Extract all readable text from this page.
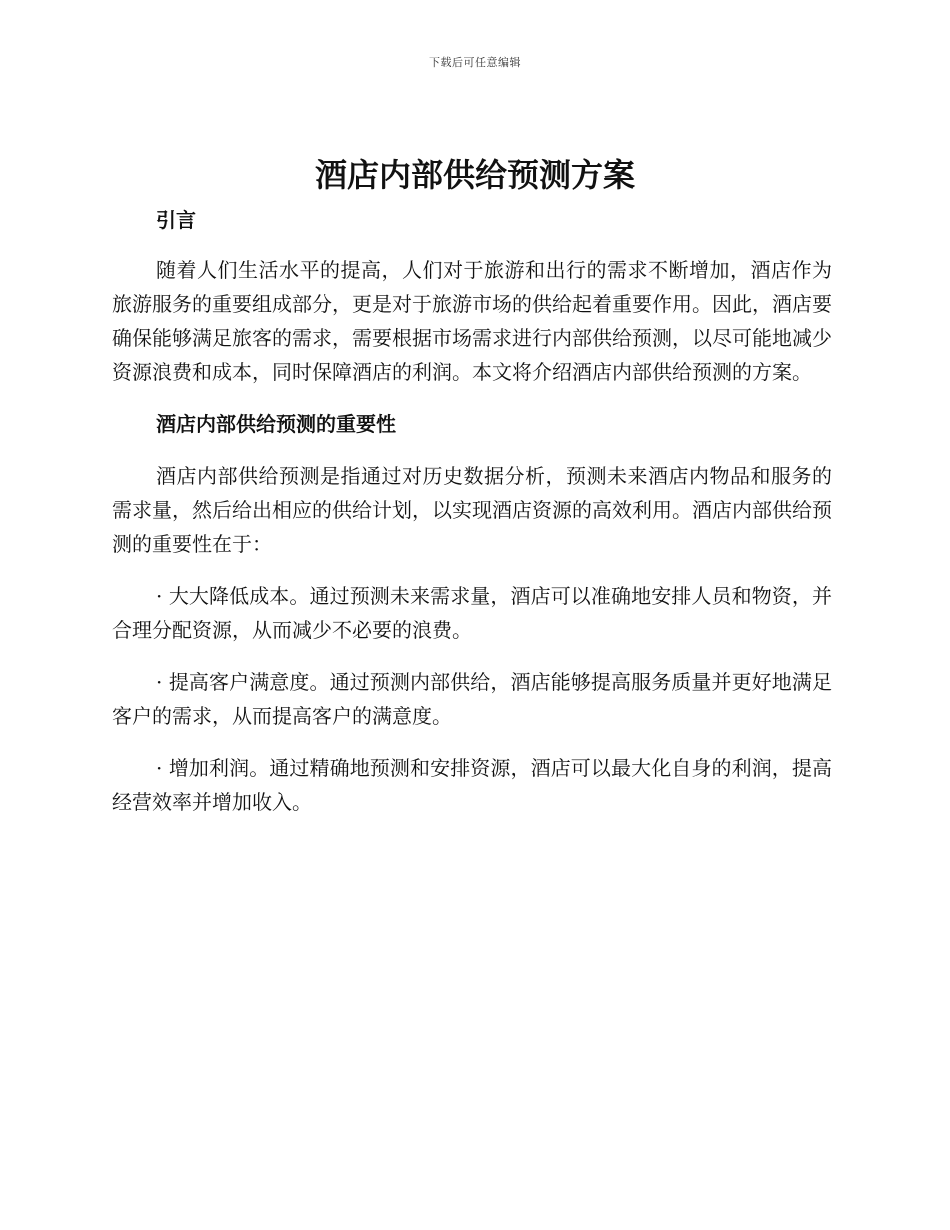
下载后可任意编辑
酒店内部供给预测方案

引言

随着人们生活水平的提高，人们对于旅游和出行的需求不断增加，酒店作为旅游服务的重要组成部分，更是对于旅游市场的供给起着重要作用。因此，酒店要确保能够满足旅客的需求，需要根据市场需求进行内部供给预测，以尽可能地减少资源浪费和成本，同时保障酒店的利润。本文将介绍酒店内部供给预测的方案。

酒店内部供给预测的重要性

酒店内部供给预测是指通过对历史数据分析，预测未来酒店内物品和服务的需求量，然后给出相应的供给计划，以实现酒店资源的高效利用。酒店内部供给预测的重要性在于：

· 大大降低成本。通过预测未来需求量，酒店可以准确地安排人员和物资，并合理分配资源，从而减少不必要的浪费。

· 提高客户满意度。通过预测内部供给，酒店能够提高服务质量并更好地满足客户的需求，从而提高客户的满意度。

· 增加利润。通过精确地预测和安排资源，酒店可以最大化自身的利润，提高经营效率并增加收入。
